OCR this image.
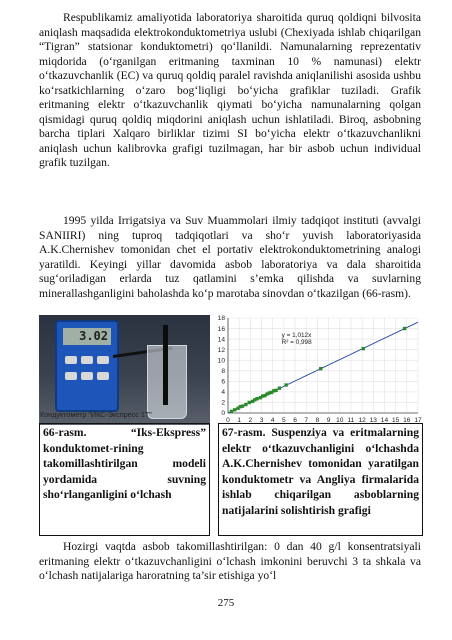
Respublikamiz amaliyotida laboratoriya sharoitida quruq qoldiqni bilvosita aniqlash maqsadida elektrokonduktometriya uslubi (Chexiyada ishlab chiqarilgan “Tigran” statsionar konduktometri) qo‘llanildi. Namunalarning reprezentativ miqdorida (o‘rganilgan eritmaning taxminan 10 % namunasi) elektr o‘tkazuvchanlik (EC) va quruq qoldiq paralel ravishda aniqlanilishi asosida ushbu ko‘rsatkichlarning o‘zaro bog‘liqligi bo‘yicha grafiklar tuziladi. Grafik eritmaning elektr o‘tkazuvchanlik qiymati bo‘yicha namunalarning qolgan qismidagi quruq qoldiq miqdorini aniqlash uchun ishlatiladi. Biroq, asbobning barcha tiplari Xalqaro birliklar tizimi SI bo‘yicha elektr o‘tkazuvchanlikni aniqlash uchun kalibrovka grafigi tuzilmagan, har bir asbob uchun individual grafik tuzilgan.
1995 yilda Irrigatsiya va Suv Muammolari ilmiy tadqiqot instituti (avvalgi SANIIRI) ning tuproq tadqiqotlari va sho‘r yuvish laboratoriyasida A.K.Chernishev tomonidan chet el portativ elektrokonduktometrining analogi yaratildi. Keyingi yillar davomida asbob laboratoriya va dala sharoitida sug‘oriladigan erlarda tuz qatlamini s’emka qilishda va suvlarning minerallashganligini baholashda ko‘p marotaba sinovdan o‘tkazilgan (66-rasm).
3.02
Кондуктометр "ИКС-Экспресс 1Т"
0 1 2 3 4 5 6 7 8 9 10 11 12 13 14 15 16 17
0
2
4
6
8
10
12
14
16
18
y = 1,012x
R² = 0,998
66-rasm. “Iks-Ekspress” konduktomet-rining takomillashtirilgan modeli yordamida suvning sho‘rlanganligini o‘lchash
67-rasm. Suspenziya va eritmalarning elektr o‘tkazuvchanligini o‘lchashda A.K.Chernishev tomonidan yaratilgan konduktometr va Angliya firmalarida ishlab chiqarilgan asboblarning natijalarini solishtirish grafigi
Hozirgi vaqtda asbob takomillashtirilgan: 0 dan 40 g/l konsentratsiyali eritmaning elektr o‘tkazuvchanligini o‘lchash imkonini beruvchi 3 ta shkala va o‘lchash natijalariga haroratning ta’sir etishiga yo‘l
275
